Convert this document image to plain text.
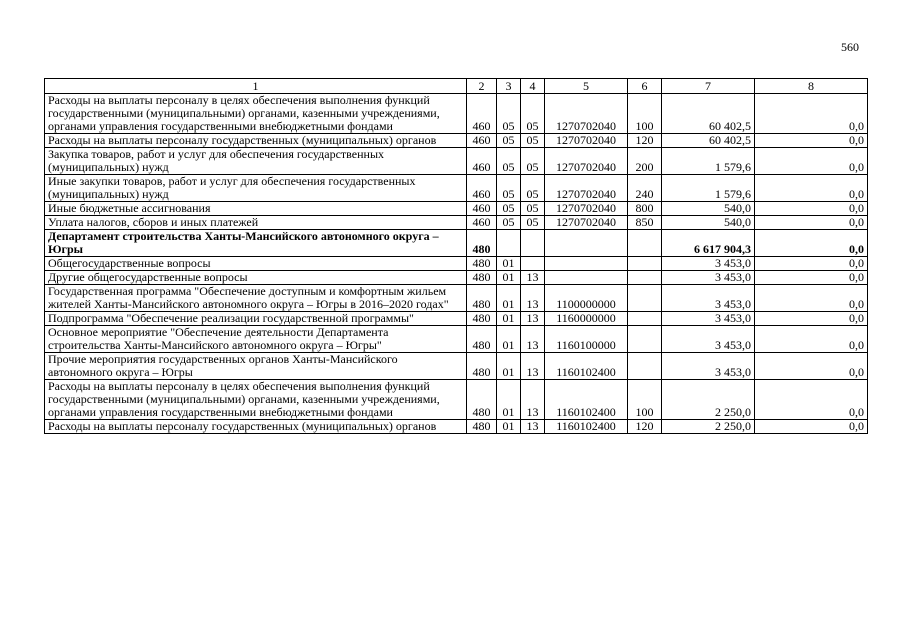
560
1	2	3	4	5	6	7	8
Расходы на выплаты персоналу в целях обеспечения выполнения функций государственными (муниципальными) органами, казенными учреждениями, органами управления государственными внебюджетными фондами	460	05	05	1270702040	100	60 402,5	0,0
Расходы на выплаты персоналу государственных (муниципальных) органов	460	05	05	1270702040	120	60 402,5	0,0
Закупка товаров, работ и услуг для обеспечения государственных (муниципальных) нужд	460	05	05	1270702040	200	1 579,6	0,0
Иные закупки товаров, работ и услуг для обеспечения государственных (муниципальных) нужд	460	05	05	1270702040	240	1 579,6	0,0
Иные бюджетные ассигнования	460	05	05	1270702040	800	540,0	0,0
Уплата налогов, сборов и иных платежей	460	05	05	1270702040	850	540,0	0,0
Департамент строительства Ханты-Мансийского автономного округа – Югры	480					6 617 904,3	0,0
Общегосударственные вопросы	480	01				3 453,0	0,0
Другие общегосударственные вопросы	480	01	13			3 453,0	0,0
Государственная программа "Обеспечение доступным и комфортным жильем жителей Ханты-Мансийского автономного округа – Югры в 2016–2020 годах"	480	01	13	1100000000		3 453,0	0,0
Подпрограмма "Обеспечение реализации государственной программы"	480	01	13	1160000000		3 453,0	0,0
Основное мероприятие "Обеспечение деятельности Департамента строительства Ханты-Мансийского автономного округа – Югры"	480	01	13	1160100000		3 453,0	0,0
Прочие мероприятия государственных органов Ханты-Мансийского автономного округа – Югры	480	01	13	1160102400		3 453,0	0,0
Расходы на выплаты персоналу в целях обеспечения выполнения функций государственными (муниципальными) органами, казенными учреждениями, органами управления государственными внебюджетными фондами	480	01	13	1160102400	100	2 250,0	0,0
Расходы на выплаты персоналу государственных (муниципальных) органов	480	01	13	1160102400	120	2 250,0	0,0
